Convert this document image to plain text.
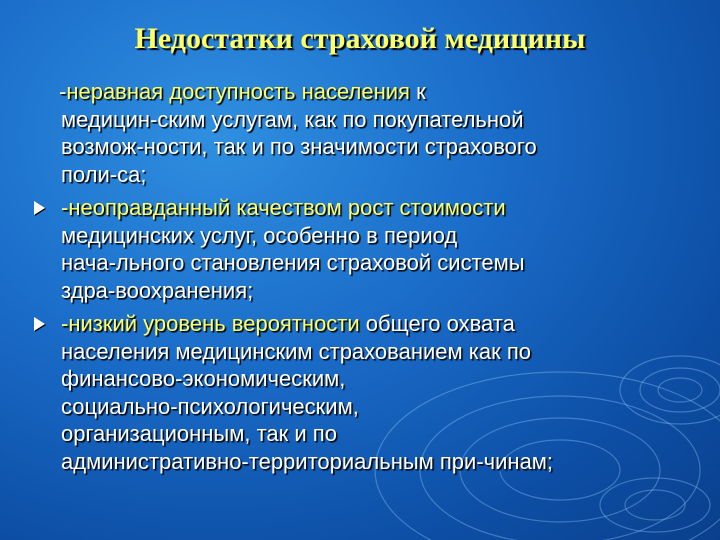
Недостатки страховой медицины
-неравная доступность населения к
медицин-ским услугам, как по покупательной
возмож-ности, так и по значимости страхового
поли-са;
-неоправданный качеством рост стоимости
медицинских услуг, особенно в период
нача-льного становления страховой системы
здра-воохранения;
-низкий уровень вероятности общего охвата
населения медицинским страхованием как по
финансово-экономическим,
социально-психологическим,
организационным, так и по
административно-территориальным при-чинам;
